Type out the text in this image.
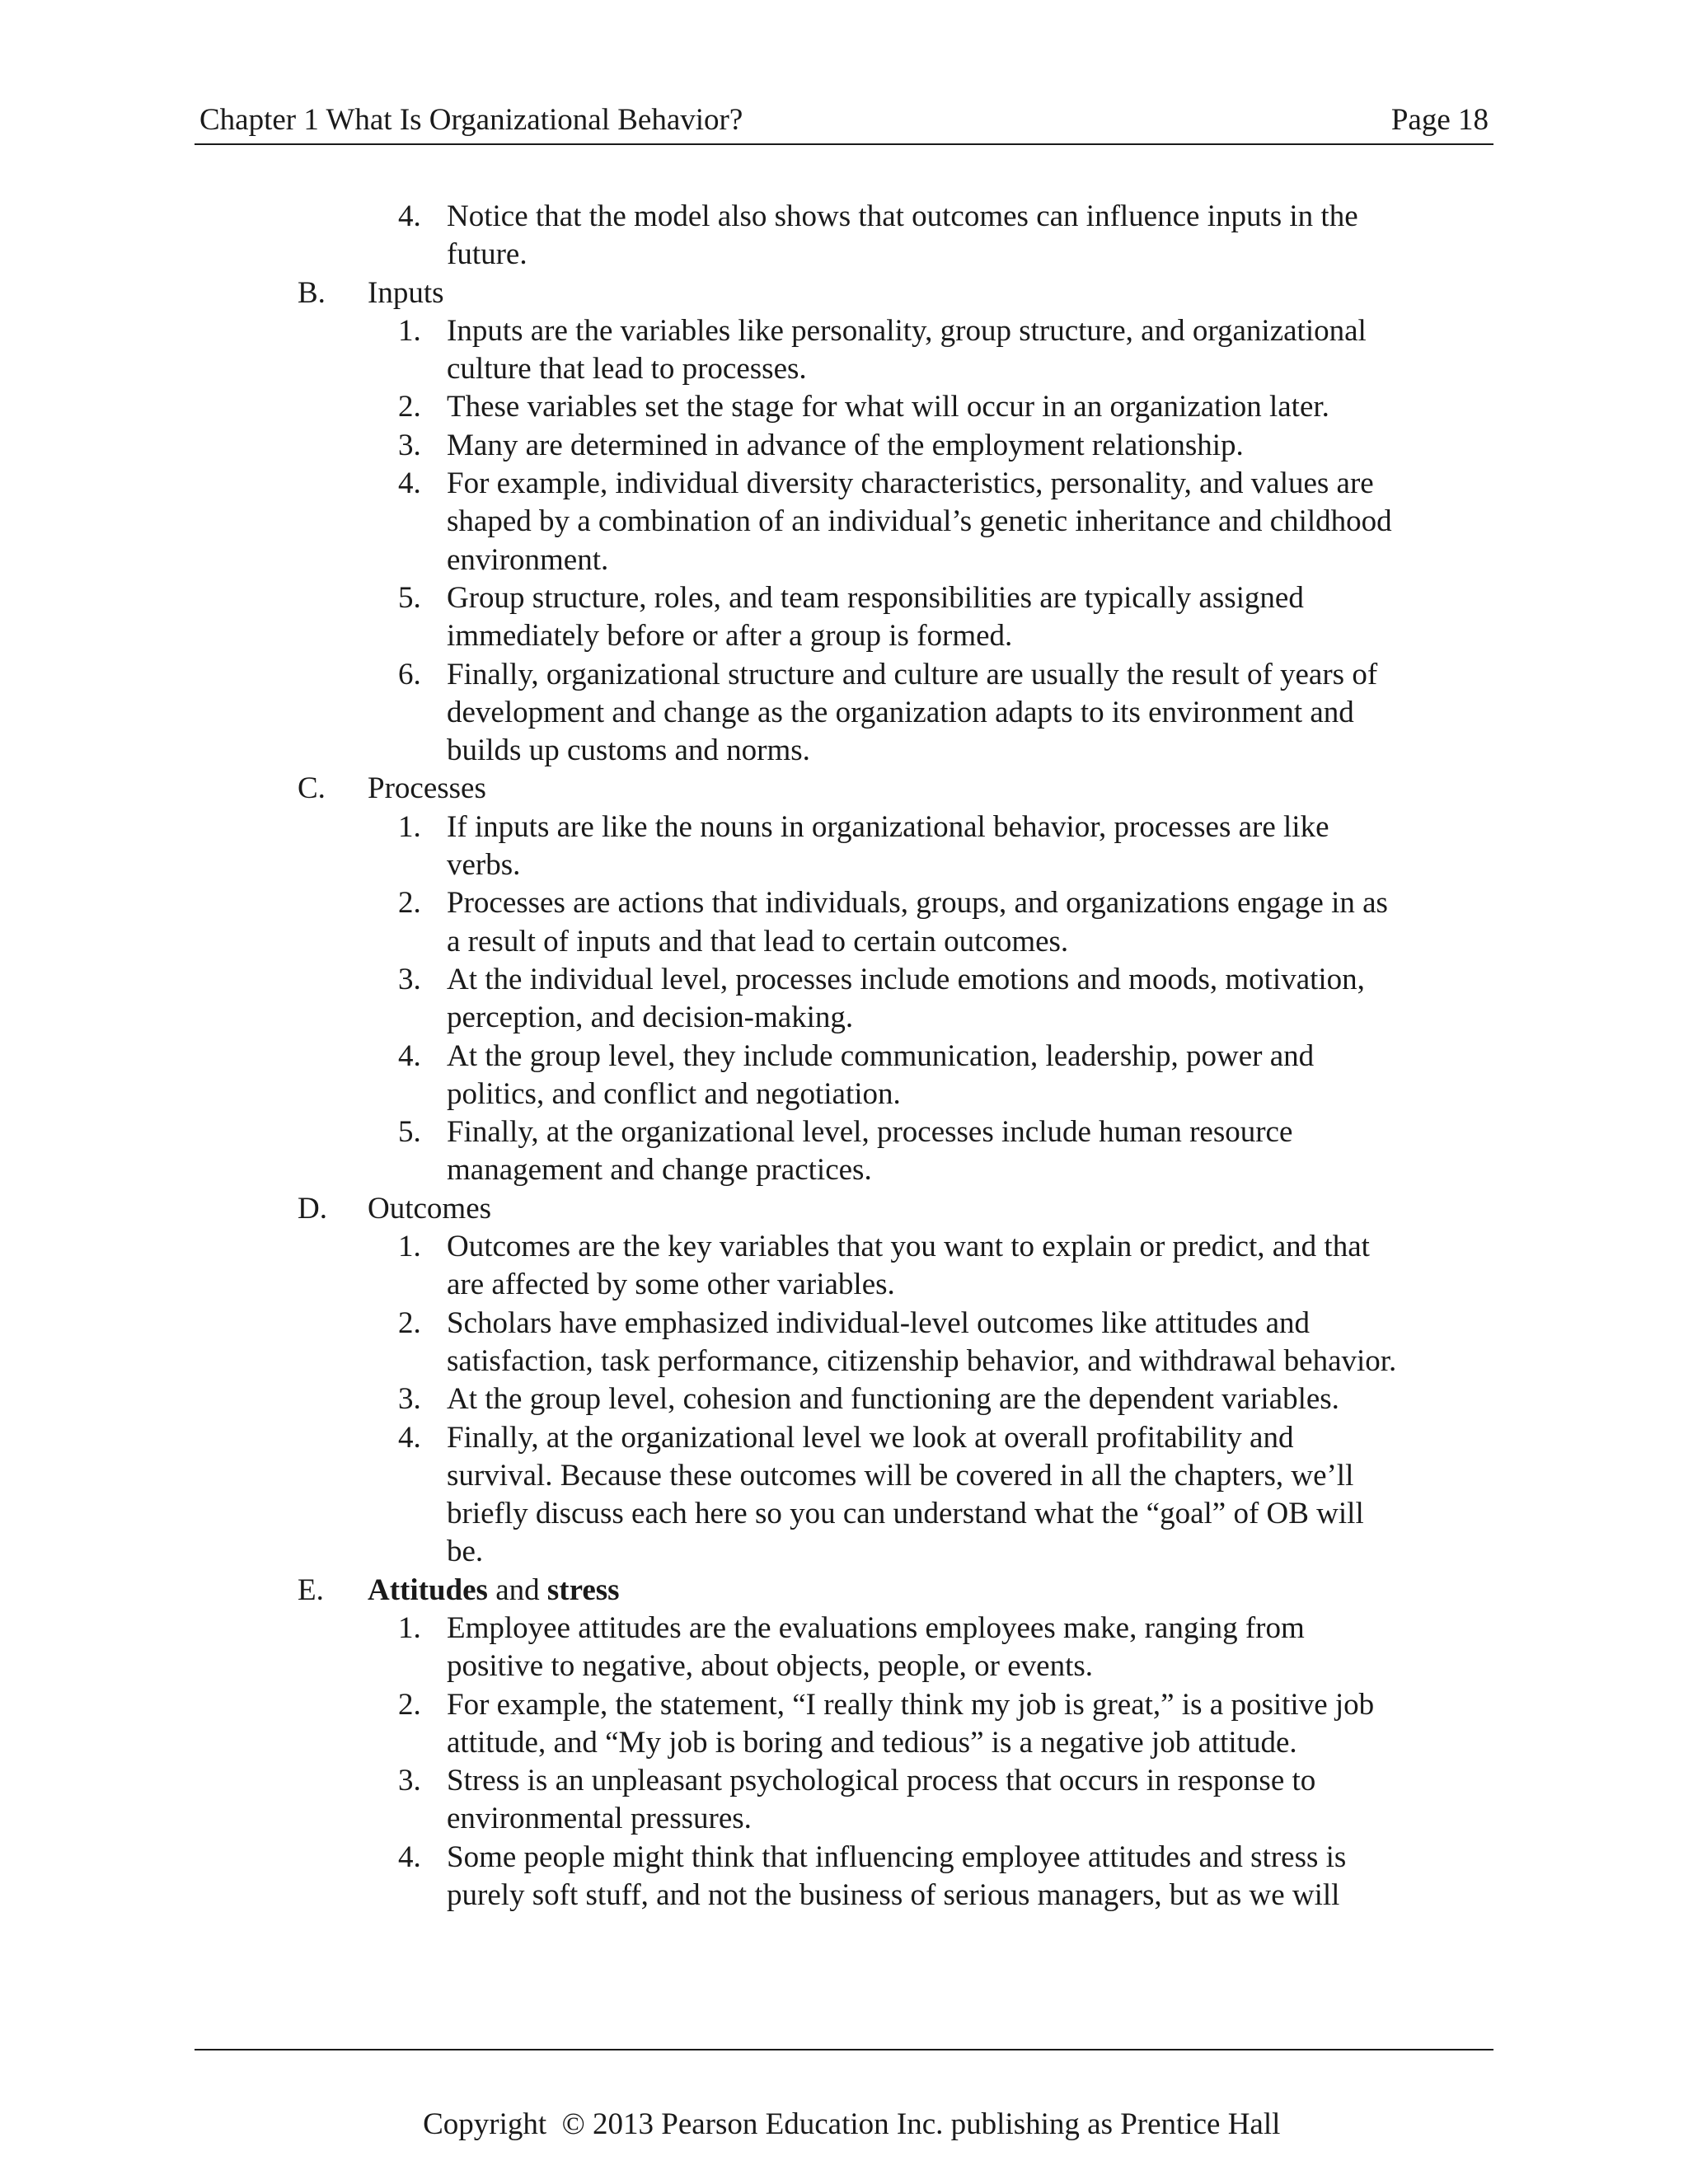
Chapter 1 What Is Organizational Behavior?	Page 18
4. Notice that the model also shows that outcomes can influence inputs in the
future.
B. Inputs
1. Inputs are the variables like personality, group structure, and organizational
culture that lead to processes.
2. These variables set the stage for what will occur in an organization later.
3. Many are determined in advance of the employment relationship.
4. For example, individual diversity characteristics, personality, and values are
shaped by a combination of an individual’s genetic inheritance and childhood
environment.
5. Group structure, roles, and team responsibilities are typically assigned
immediately before or after a group is formed.
6. Finally, organizational structure and culture are usually the result of years of
development and change as the organization adapts to its environment and
builds up customs and norms.
C. Processes
1. If inputs are like the nouns in organizational behavior, processes are like
verbs.
2. Processes are actions that individuals, groups, and organizations engage in as
a result of inputs and that lead to certain outcomes.
3. At the individual level, processes include emotions and moods, motivation,
perception, and decision-making.
4. At the group level, they include communication, leadership, power and
politics, and conflict and negotiation.
5. Finally, at the organizational level, processes include human resource
management and change practices.
D. Outcomes
1. Outcomes are the key variables that you want to explain or predict, and that
are affected by some other variables.
2. Scholars have emphasized individual-level outcomes like attitudes and
satisfaction, task performance, citizenship behavior, and withdrawal behavior.
3. At the group level, cohesion and functioning are the dependent variables.
4. Finally, at the organizational level we look at overall profitability and
survival. Because these outcomes will be covered in all the chapters, we’ll
briefly discuss each here so you can understand what the “goal” of OB will
be.
E. Attitudes and stress
1. Employee attitudes are the evaluations employees make, ranging from
positive to negative, about objects, people, or events.
2. For example, the statement, “I really think my job is great,” is a positive job
attitude, and “My job is boring and tedious” is a negative job attitude.
3. Stress is an unpleasant psychological process that occurs in response to
environmental pressures.
4. Some people might think that influencing employee attitudes and stress is
purely soft stuff, and not the business of serious managers, but as we will

Copyright  © 2013 Pearson Education Inc. publishing as Prentice Hall
